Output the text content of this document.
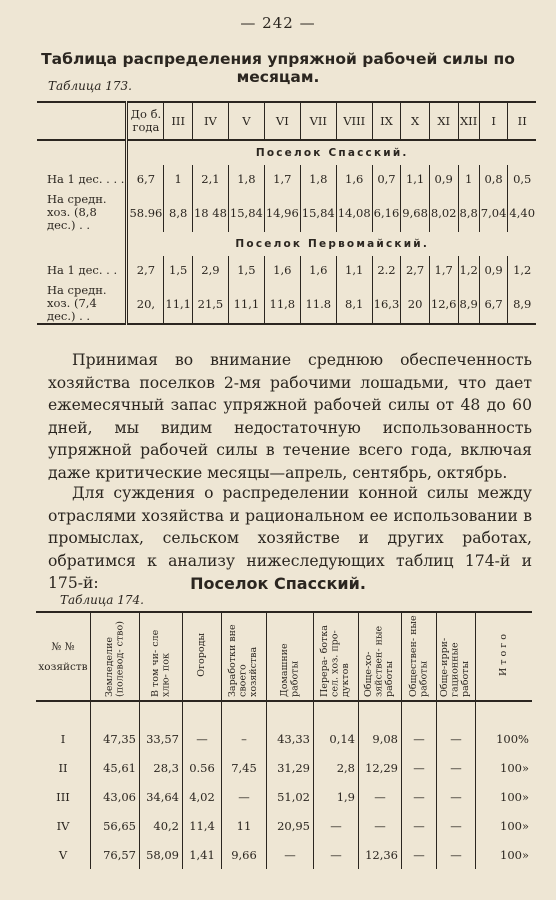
— 242 —
Таблица распределения упряжной рабочей силы по месяцам.
Таблица 173.
	До б. года	III	IV	V	VI	VII	VIII	IX	X	XI	XII	I	II
	Поселок Спасский.												
На 1 дес. . . .	6,7	1	2,1	1,8	1,7	1,8	1,6	0,7	1,1	0,9	1	0,8	0,5
На средн. хоз. (8,8 дес.) . .	58.96	8,8	18 48	15,84	14,96	15,84	14,08	6,16	9,68	8,02	8,8	7,04	4,40
	Поселок Первомайский.												
На 1 дес. . .	2,7	1,5	2,9	1,5	1,6	1,6	1,1	2.2	2,7	1,7	1,2	0,9	1,2
На средн. хоз. (7,4 дес.) . .	20,	11,1	21,5	11,1	11,8	11.8	8,1	16,3	20	12,6	8,9	6,7	8,9
Принимая во внимание среднюю обеспеченность хозяйства поселков 2-мя рабочими лошадьми, что дает ежемесячный запас упряжной рабочей силы от 48 до 60 дней, мы видим недостаточную использованность упряжной рабочей силы в течение всего года, включая даже критические месяцы—апрель, сентябрь, октябрь.
Для суждения о распределении конной силы между отраслями хозяйства и рациональном ее использовании в промыслах, сельском хозяйстве и других работах, обратимся к анализу нижеследующих таблиц 174-й и 175-й:	Поселок Спасский.
Таблица 174.
№ № хозяйств	Земледелие (полевод- ство)	В том чи- сле хлю- пок	Огороды	Заработки вне своего хозяйства	Домашние работы	Перера- ботка сел. хоз. про- дуктов	Обще-хо- зяйствен- ные работы	Обществен- ные работы	Обще-ирри- гационные работы	И т о г о

I	47,35	33,57	—	–	43,33	0,14	9,08	—	—	100%
II	45,61	28,3	0.56	7,45	31,29	2,8	12,29	—	—	100»
III	43,06	34,64	4,02	—	51,02	1,9	—	—	—	100»
IV	56,65	40,2	11,4	11	20,95	—	—	—	—	100»
V	76,57	58,09	1,41	9,66	—	—	12,36	—	—	100»
